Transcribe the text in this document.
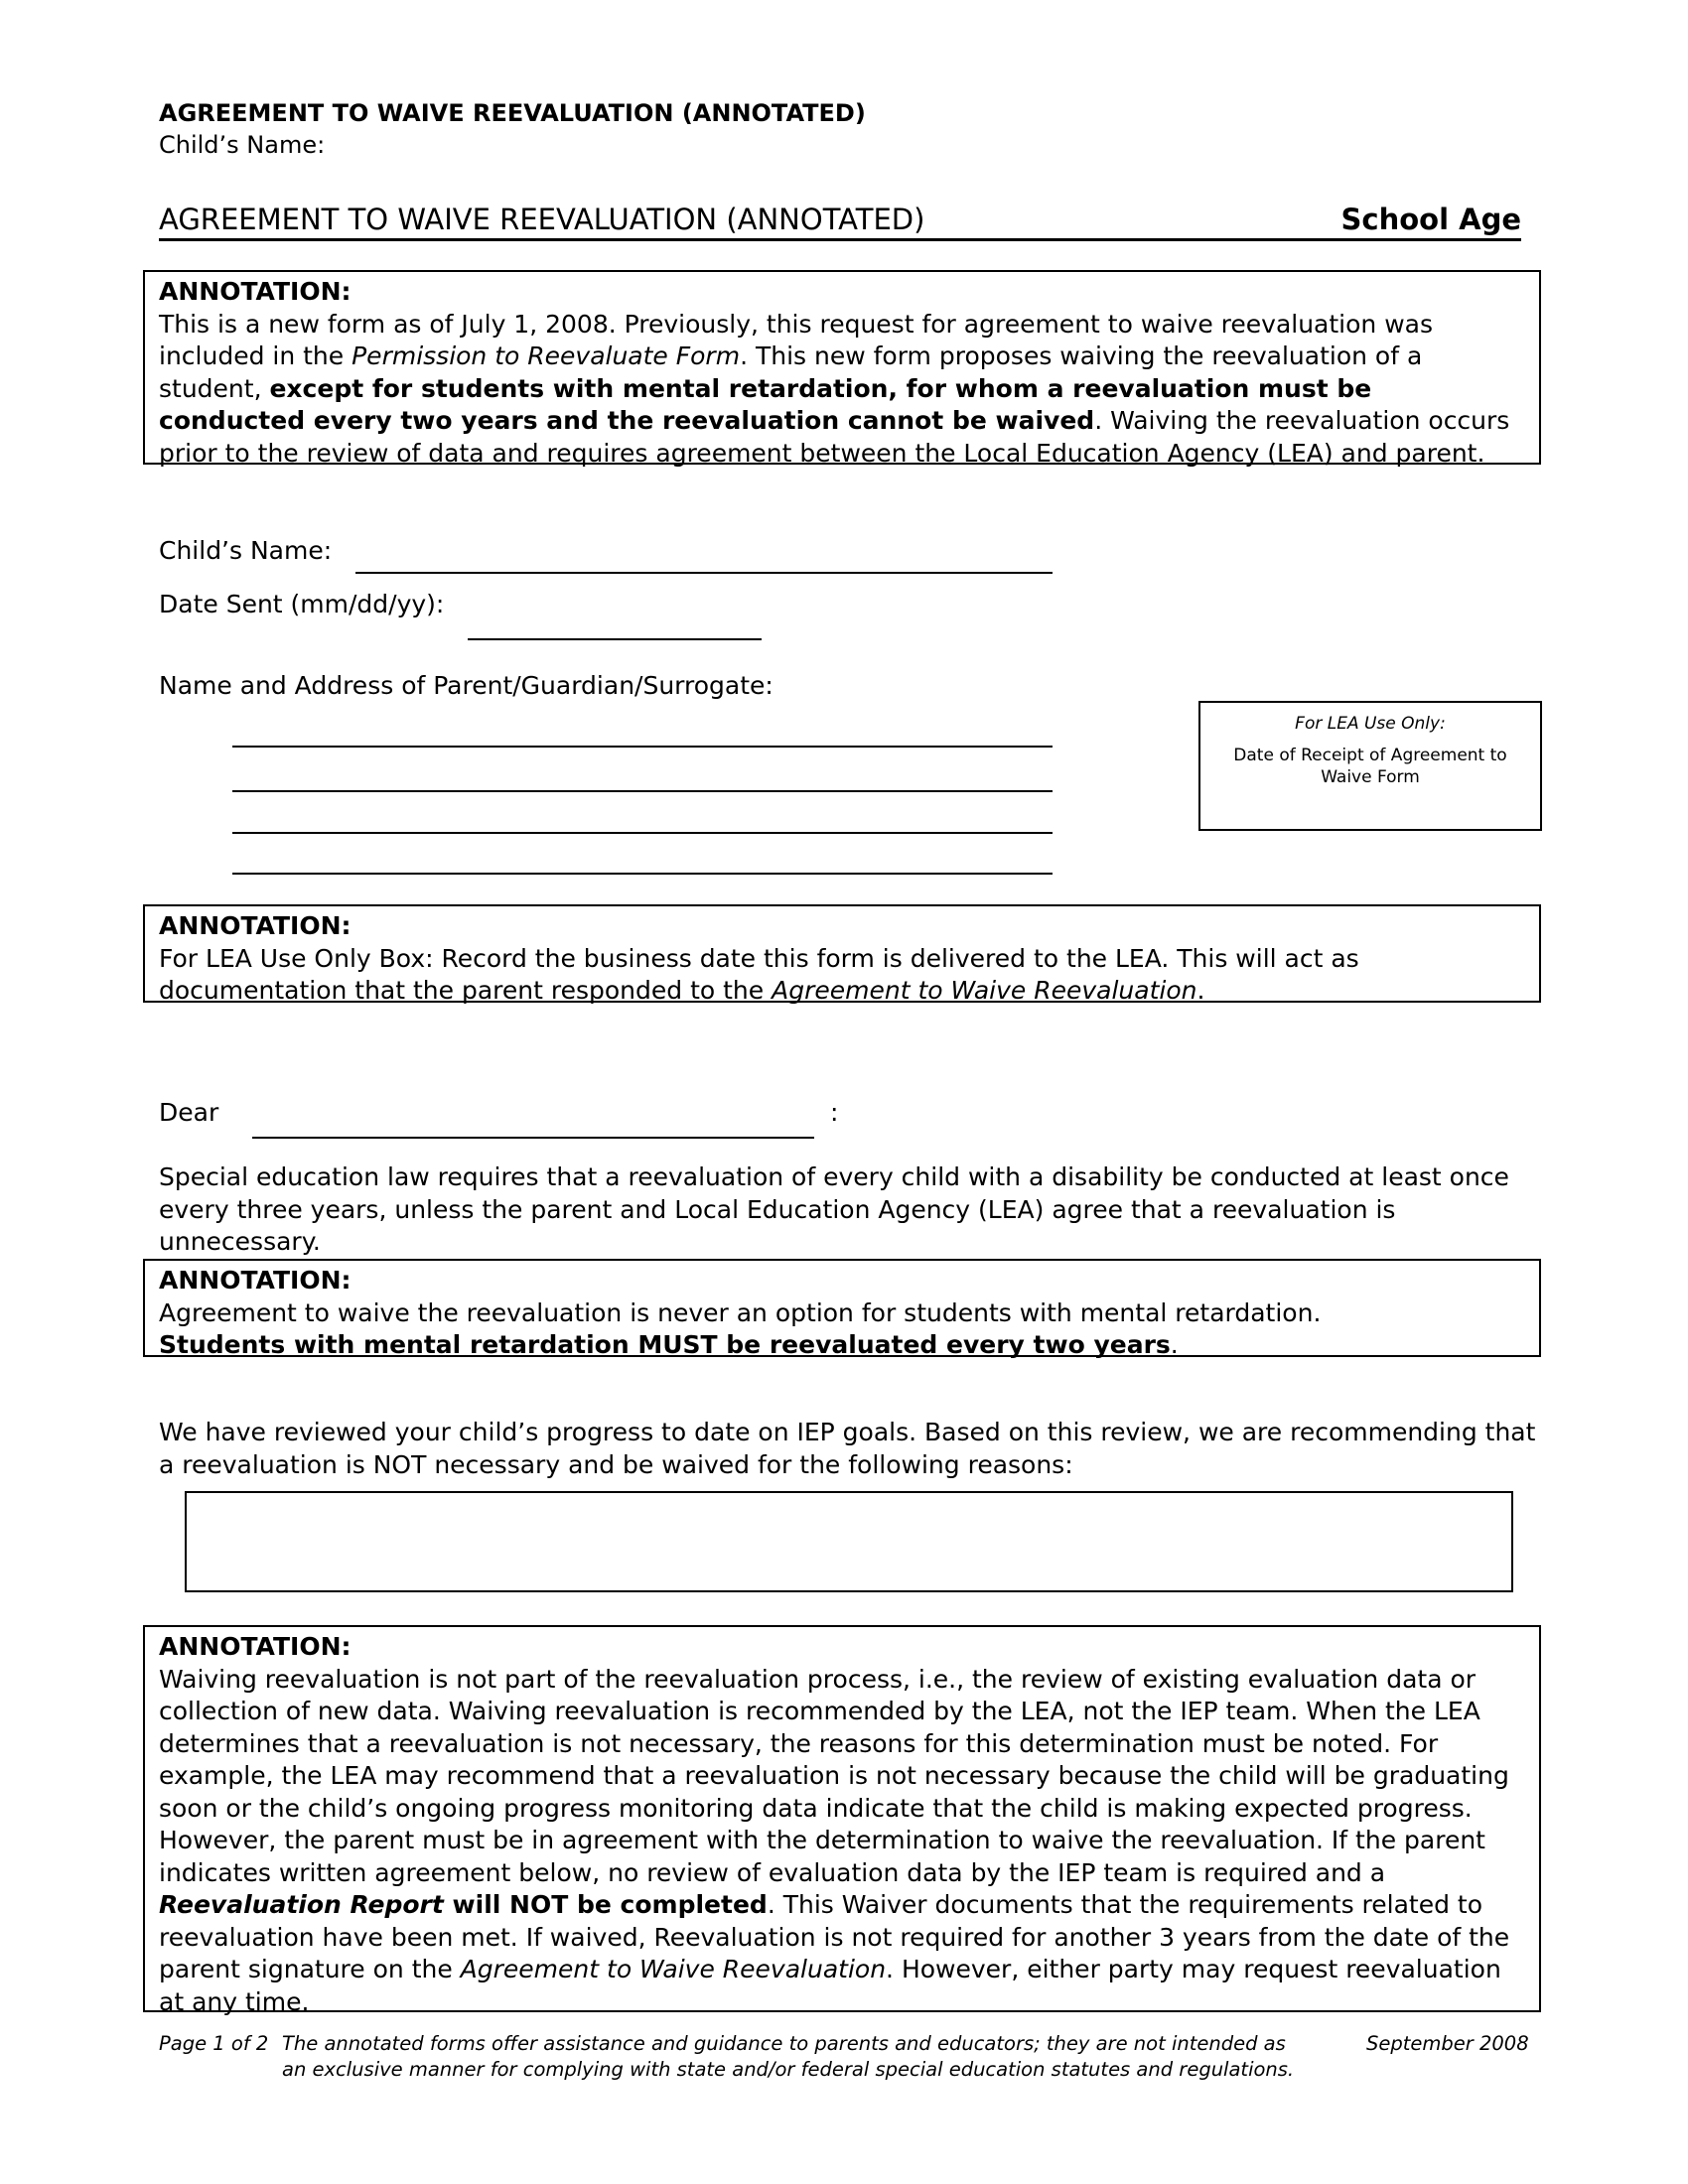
AGREEMENT TO WAIVE REEVALUATION (ANNOTATED)
Child’s Name:
AGREEMENT TO WAIVE REEVALUATION (ANNOTATED)	School Age
ANNOTATION:
This is a new form as of July 1, 2008. Previously, this request for agreement to waive reevaluation was included in the Permission to Reevaluate Form. This new form proposes waiving the reevaluation of a student, except for students with mental retardation, for whom a reevaluation must be conducted every two years and the reevaluation cannot be waived. Waiving the reevaluation occurs prior to the review of data and requires agreement between the Local Education Agency (LEA) and parent.
Child’s Name:
Date Sent (mm/dd/yy):
Name and Address of Parent/Guardian/Surrogate:
For LEA Use Only:
Date of Receipt of Agreement to Waive Form
ANNOTATION:
For LEA Use Only Box: Record the business date this form is delivered to the LEA. This will act as documentation that the parent responded to the Agreement to Waive Reevaluation.
Dear	:
Special education law requires that a reevaluation of every child with a disability be conducted at least once every three years, unless the parent and Local Education Agency (LEA) agree that a reevaluation is unnecessary.
ANNOTATION:
Agreement to waive the reevaluation is never an option for students with mental retardation.
Students with mental retardation MUST be reevaluated every two years.
We have reviewed your child’s progress to date on IEP goals. Based on this review, we are recommending that a reevaluation is NOT necessary and be waived for the following reasons:
ANNOTATION:
Waiving reevaluation is not part of the reevaluation process, i.e., the review of existing evaluation data or collection of new data. Waiving reevaluation is recommended by the LEA, not the IEP team. When the LEA determines that a reevaluation is not necessary, the reasons for this determination must be noted. For example, the LEA may recommend that a reevaluation is not necessary because the child will be graduating soon or the child’s ongoing progress monitoring data indicate that the child is making expected progress. However, the parent must be in agreement with the determination to waive the reevaluation. If the parent indicates written agreement below, no review of evaluation data by the IEP team is required and a Reevaluation Report will NOT be completed. This Waiver documents that the requirements related to reevaluation have been met. If waived, Reevaluation is not required for another 3 years from the date of the parent signature on the Agreement to Waive Reevaluation. However, either party may request reevaluation at any time.
Page 1 of 2 The annotated forms offer assistance and guidance to parents and educators; they are not intended as
an exclusive manner for complying with state and/or federal special education statutes and regulations.
September 2008
